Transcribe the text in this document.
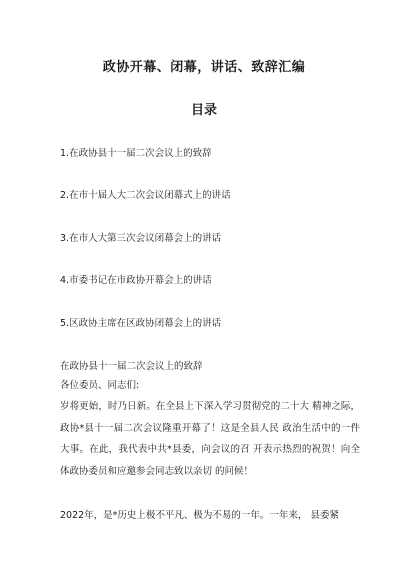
政协开幕、闭幕，讲话、致辞汇编
目录
1.在政协县十一届二次会议上的致辞
2.在市十届人大二次会议闭幕式上的讲话
3.在市人大第三次会议闭幕会上的讲话
4.市委书记在市政协开幕会上的讲话
5.区政协主席在区政协闭幕会上的讲话
在政协县十一届二次会议上的致辞
各位委员、同志们:
岁将更始，时乃日新。在全县上下深入学习贯彻党的二十大 精神之际，政协*县十一届二次会议隆重开幕了！这是全县人民 政治生活中的一件大事。在此，我代表中共*县委，向会议的召 开表示热烈的祝贺！向全体政协委员和应邀参会同志致以亲切 的问候！
2022年，是*历史上极不平凡、极为不易的一年。一年来， 县委紧
